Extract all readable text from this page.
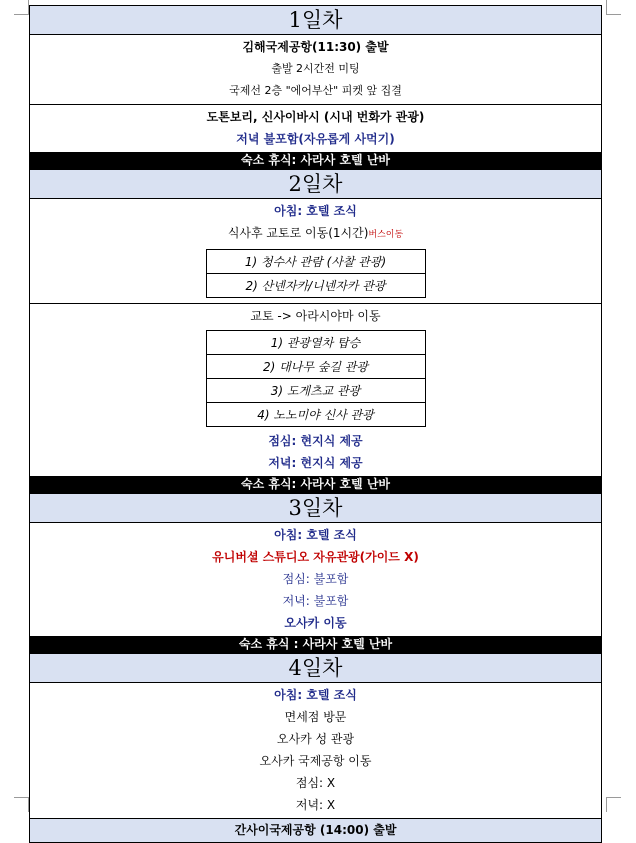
1일차
김해국제공항(11:30) 출발
출발 2시간전 미팅
국제선 2층 "에어부산" 피켓 앞 집결
도톤보리, 신사이바시 (시내 번화가 관광)
저녁 불포함(자유롭게 사먹기)
숙소 휴식: 사라사 호텔 난바
2일차
아침: 호텔 조식
식사후 교토로 이동(1시간)버스이동
1) 청수사 관람 (사찰 관광)
2) 산넨자카/니넨자카 관광
교토 -> 아라시야마 이동
1) 관광열차 탑승
2) 대나무 숲길 관광
3) 도게츠교 관광
4) 노노미야 신사 관광
점심: 현지식 제공
저녁: 현지식 제공
숙소 휴식: 사라사 호텔 난바
3일차
아침: 호텔 조식
유니버셜 스튜디오 자유관광(가이드 X)
점심: 불포함
저녁: 불포함
오사카 이동
숙소 휴식 : 사라사 호텔 난바
4일차
아침: 호텔 조식
면세점 방문
오사카 성 관광
오사카 국제공항 이동
점심: X
저녁: X
간사이국제공항 (14:00) 출발
